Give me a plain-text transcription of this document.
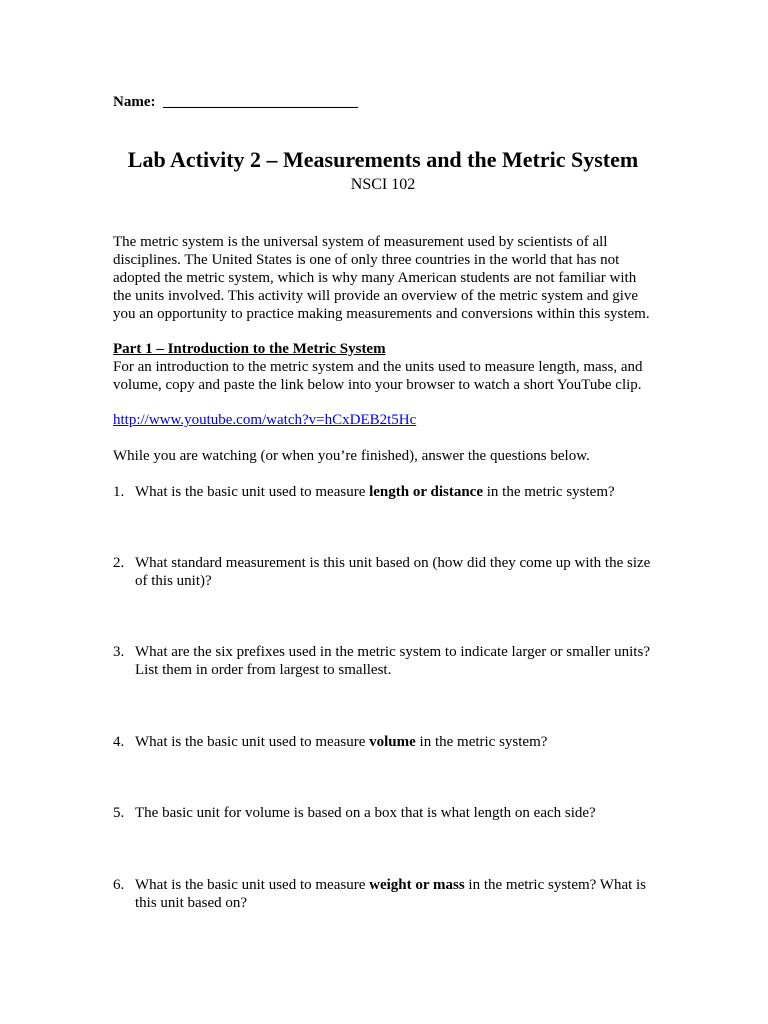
Name: __________________________
Lab Activity 2 – Measurements and the Metric System
NSCI 102

The metric system is the universal system of measurement used by scientists of all disciplines. The United States is one of only three countries in the world that has not adopted the metric system, which is why many American students are not familiar with the units involved. This activity will provide an overview of the metric system and give you an opportunity to practice making measurements and conversions within this system.

Part 1 – Introduction to the Metric System

For an introduction to the metric system and the units used to measure length, mass, and volume, copy and paste the link below into your browser to watch a short YouTube clip.

http://www.youtube.com/watch?v=hCxDEB2t5Hc
While you are watching (or when you’re finished), answer the questions below.
1. What is the basic unit used to measure length or distance in the metric system?
2. What standard measurement is this unit based on (how did they come up with the size of this unit)?
3. What are the six prefixes used in the metric system to indicate larger or smaller units? List them in order from largest to smallest.
4. What is the basic unit used to measure volume in the metric system?
5. The basic unit for volume is based on a box that is what length on each side?
6. What is the basic unit used to measure weight or mass in the metric system? What is this unit based on?
